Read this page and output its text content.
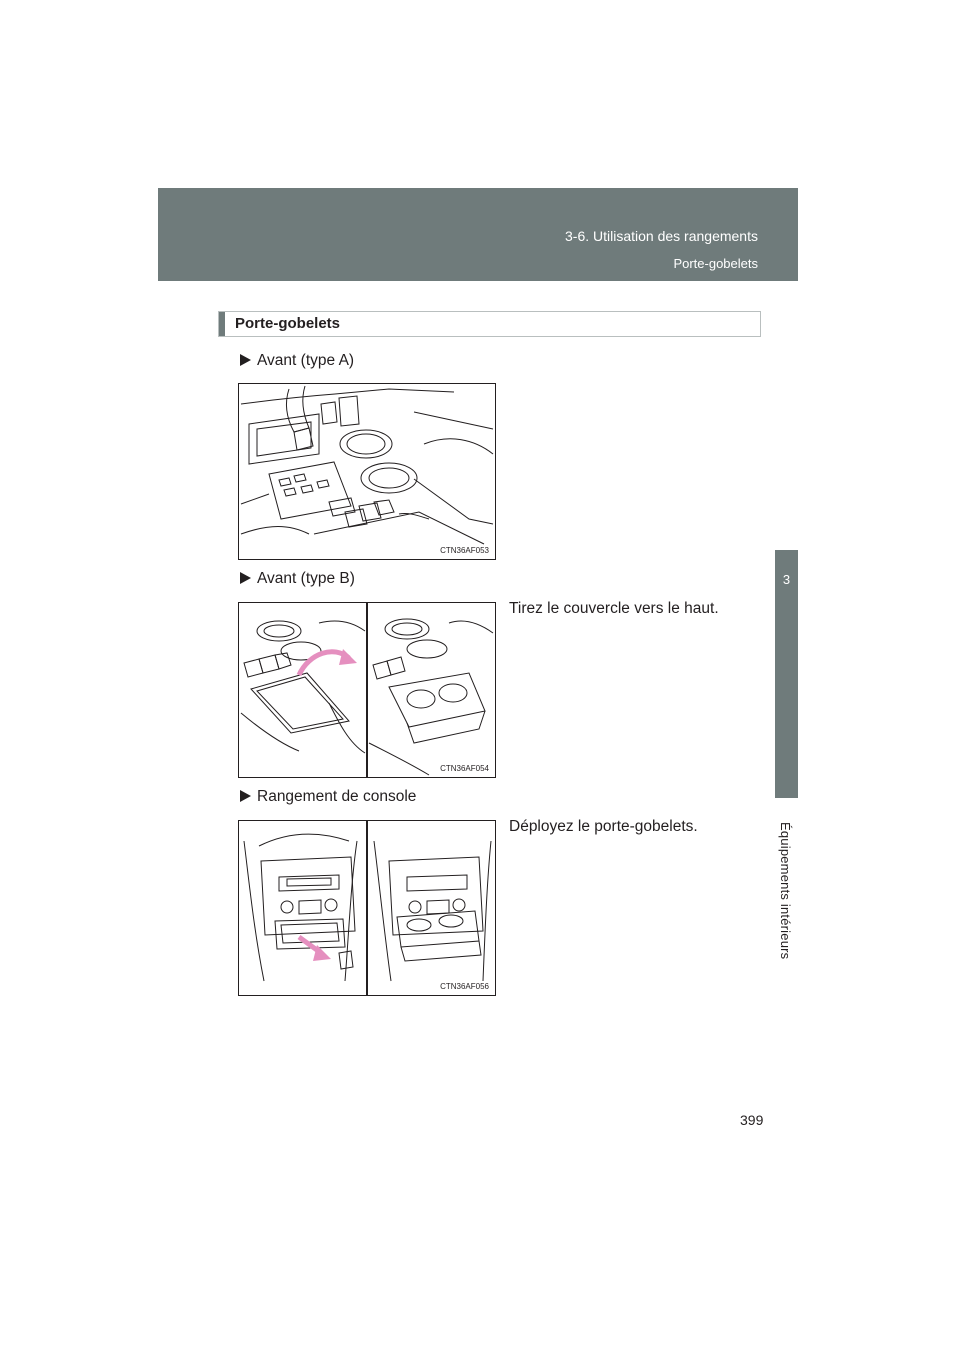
3-6. Utilisation des rangements
Porte-gobelets
3
Équipements intérieurs
Porte-gobelets
Avant (type A)
CTN36AF053
Avant (type B)
Tirez le couvercle vers le haut.
CTN36AF054
Rangement de console
Déployez le porte-gobelets.
CTN36AF056
399
